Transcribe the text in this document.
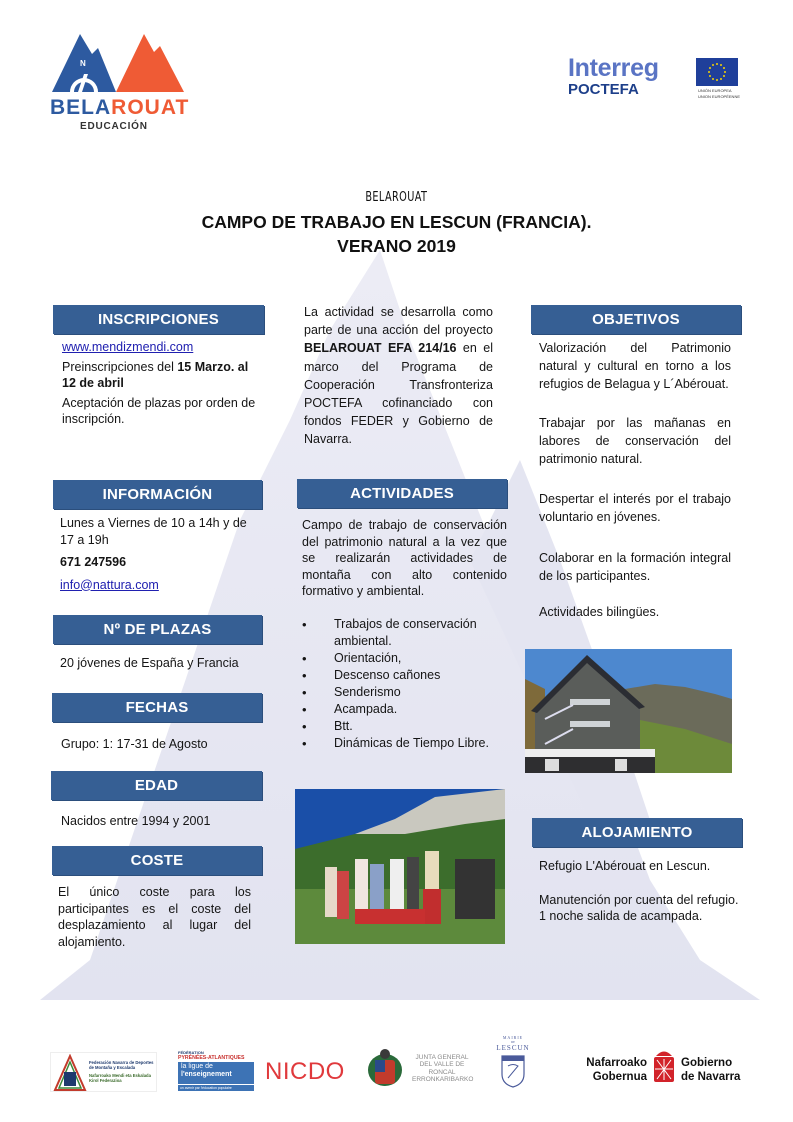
N
BELAROUAT
EDUCACIÓN
Interreg
POCTEFA	UNIÓN EUROPEA
UNION EUROPÉENNE
BELAROUAT
CAMPO DE TRABAJO EN LESCUN (FRANCIA).
VERANO 2019
INSCRIPCIONES
www.mendizmendi.com
Preinscripciones del 15 Marzo. al 12 de abril
Aceptación de plazas por orden de inscripción.
INFORMACIÓN
Lunes a Viernes de 10 a 14h y de 17 a 19h
671 247596
info@nattura.com
Nº DE PLAZAS
20 jóvenes de España y Francia
FECHAS
Grupo: 1: 17-31 de Agosto
EDAD
Nacidos entre 1994 y 2001
COSTE
El único coste para los participantes es el coste del desplazamiento al lugar del alojamiento.
La actividad se desarrolla como parte de una acción del proyecto BELAROUAT EFA 214/16 en el marco del Programa de Cooperación Transfronteriza POCTEFA cofinanciado con fondos FEDER y Gobierno de Navarra.
ACTIVIDADES
Campo de trabajo de conservación del patrimonio natural a la vez que se realizarán actividades de montaña con alto contenido formativo y ambiental.
• Trabajos de conservación ambiental.
• Orientación,
• Descenso cañones
• Senderismo
• Acampada.
• Btt.
• Dinámicas de Tiempo Libre.
OBJETIVOS
Valorización del Patrimonio natural y cultural en torno a los refugios de Belagua y L´Abérouat.
Trabajar por las mañanas en labores de conservación del patrimonio natural.
Despertar el interés por el trabajo voluntario en jóvenes.
Colaborar en la formación integral de los participantes.
Actividades bilingües.
ALOJAMIENTO
Refugio L'Abérouat en Lescun.
Manutención por cuenta del refugio.
1 noche salida de acampada.
Federación Navarra de Deportes
de Montaña y Escalada
Nafarroako Mendi eta Eskalada
Kirol Federazioa
FÉDÉRATION
PYRÉNÉES-ATLANTIQUES
la ligue de
l'enseignement
un avenir par l'éducation populaire
NICDO
JUNTA GENERAL
DEL VALLE DE
RONCAL
ERRONKARIBARKO
MAIRIE
DE
LESCUN
Nafarroako
Gobernua
Gobierno
de Navarra
